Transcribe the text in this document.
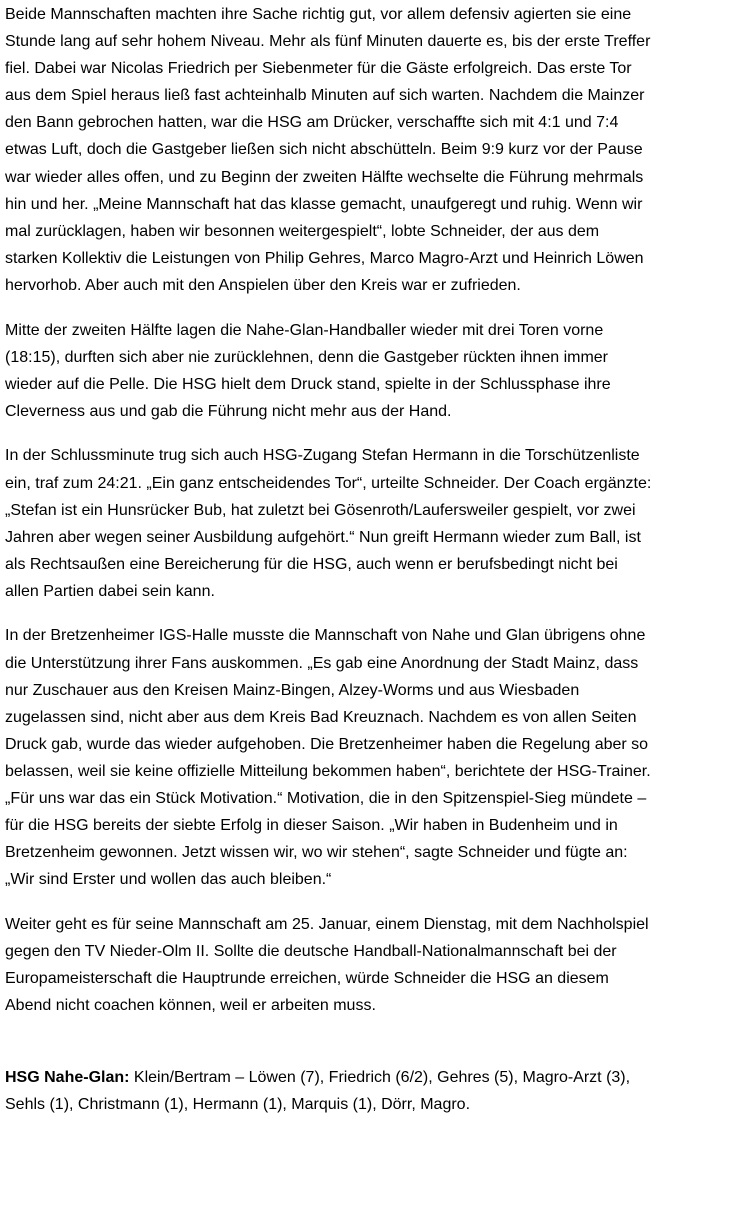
Beide Mannschaften machten ihre Sache richtig gut, vor allem defensiv agierten sie eine Stunde lang auf sehr hohem Niveau. Mehr als fünf Minuten dauerte es, bis der erste Treffer fiel. Dabei war Nicolas Friedrich per Siebenmeter für die Gäste erfolgreich. Das erste Tor aus dem Spiel heraus ließ fast achteinhalb Minuten auf sich warten. Nachdem die Mainzer den Bann gebrochen hatten, war die HSG am Drücker, verschaffte sich mit 4:1 und 7:4 etwas Luft, doch die Gastgeber ließen sich nicht abschütteln. Beim 9:9 kurz vor der Pause war wieder alles offen, und zu Beginn der zweiten Hälfte wechselte die Führung mehrmals hin und her. „Meine Mannschaft hat das klasse gemacht, unaufgeregt und ruhig. Wenn wir mal zurücklagen, haben wir besonnen weitergespielt“, lobte Schneider, der aus dem starken Kollektiv die Leistungen von Philip Gehres, Marco Magro-Arzt und Heinrich Löwen hervorhob. Aber auch mit den Anspielen über den Kreis war er zufrieden.

Mitte der zweiten Hälfte lagen die Nahe-Glan-Handballer wieder mit drei Toren vorne (18:15), durften sich aber nie zurücklehnen, denn die Gastgeber rückten ihnen immer wieder auf die Pelle. Die HSG hielt dem Druck stand, spielte in der Schlussphase ihre Cleverness aus und gab die Führung nicht mehr aus der Hand.

In der Schlussminute trug sich auch HSG-Zugang Stefan Hermann in die Torschützenliste ein, traf zum 24:21. „Ein ganz entscheidendes Tor“, urteilte Schneider. Der Coach ergänzte: „Stefan ist ein Hunsrücker Bub, hat zuletzt bei Gösenroth/Laufersweiler gespielt, vor zwei Jahren aber wegen seiner Ausbildung aufgehört.“ Nun greift Hermann wieder zum Ball, ist als Rechtsaußen eine Bereicherung für die HSG, auch wenn er berufsbedingt nicht bei allen Partien dabei sein kann.

In der Bretzenheimer IGS-Halle musste die Mannschaft von Nahe und Glan übrigens ohne die Unterstützung ihrer Fans auskommen. „Es gab eine Anordnung der Stadt Mainz, dass nur Zuschauer aus den Kreisen Mainz-Bingen, Alzey-Worms und aus Wiesbaden zugelassen sind, nicht aber aus dem Kreis Bad Kreuznach. Nachdem es von allen Seiten Druck gab, wurde das wieder aufgehoben. Die Bretzenheimer haben die Regelung aber so belassen, weil sie keine offizielle Mitteilung bekommen haben“, berichtete der HSG-Trainer. „Für uns war das ein Stück Motivation.“ Motivation, die in den Spitzenspiel-Sieg mündete – für die HSG bereits der siebte Erfolg in dieser Saison. „Wir haben in Budenheim und in Bretzenheim gewonnen. Jetzt wissen wir, wo wir stehen“, sagte Schneider und fügte an: „Wir sind Erster und wollen das auch bleiben.“

Weiter geht es für seine Mannschaft am 25. Januar, einem Dienstag, mit dem Nachholspiel gegen den TV Nieder-Olm II. Sollte die deutsche Handball-Nationalmannschaft bei der Europameisterschaft die Hauptrunde erreichen, würde Schneider die HSG an diesem Abend nicht coachen können, weil er arbeiten muss.

HSG Nahe-Glan: Klein/Bertram – Löwen (7), Friedrich (6/2), Gehres (5), Magro-Arzt (3), Sehls (1), Christmann (1), Hermann (1), Marquis (1), Dörr, Magro.
